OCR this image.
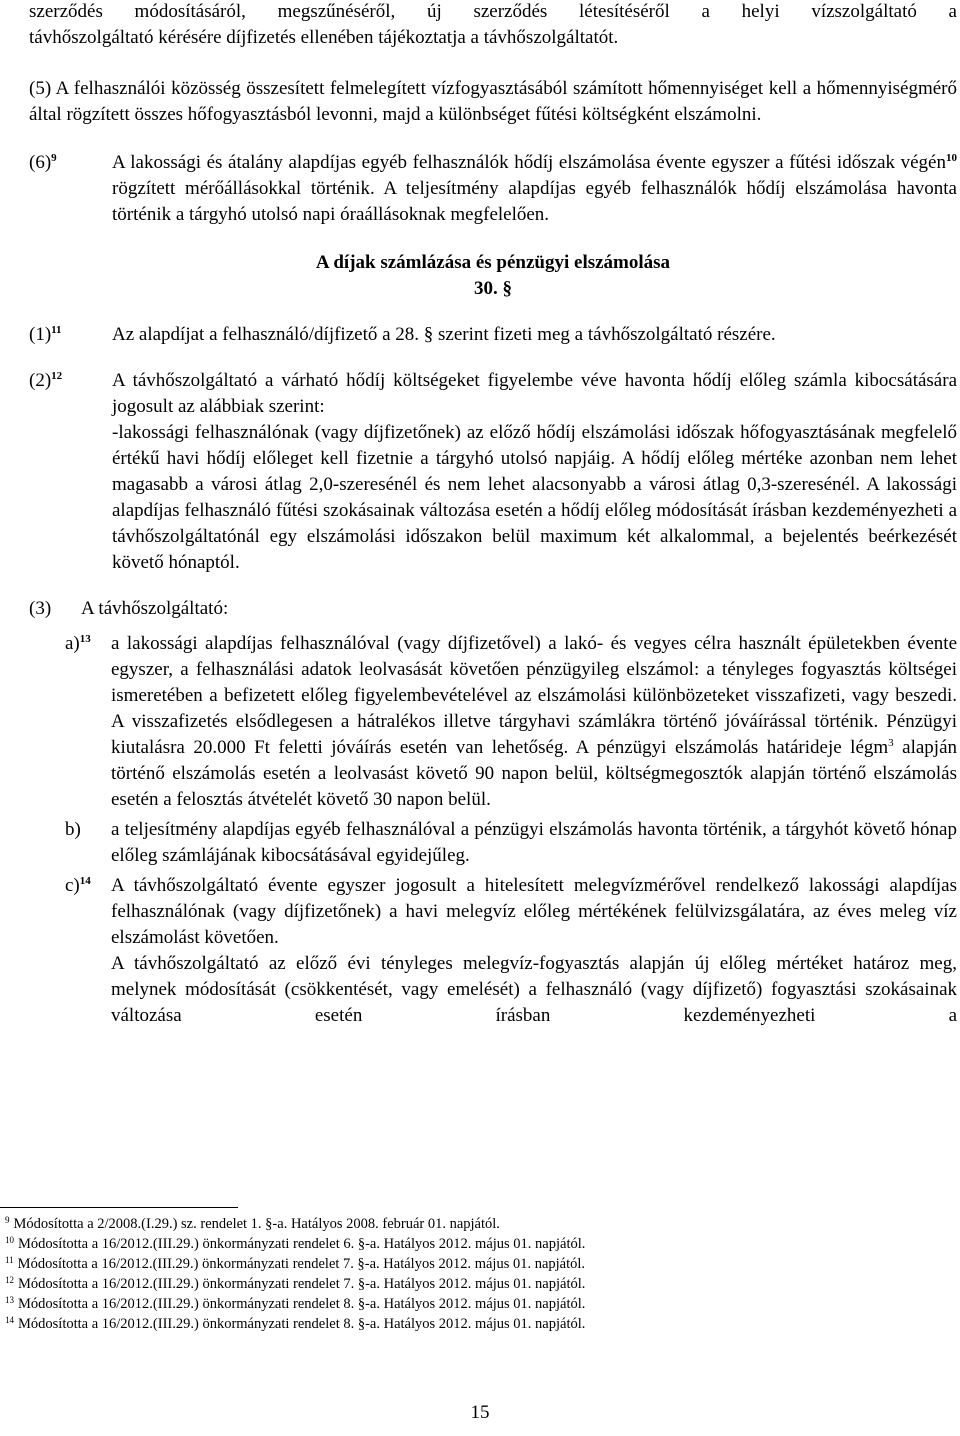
szerződés módosításáról, megszűnéséről, új szerződés létesítéséről a helyi vízszolgáltató a
távhőszolgáltató kérésére díjfizetés ellenében tájékoztatja a távhőszolgáltatót.
(5) A felhasználói közösség összesített felmelegített vízfogyasztásából számított hőmennyiséget kell a hőmennyiségmérő által rögzített összes hőfogyasztásból levonni, majd a különbséget fűtési költségként elszámolni.
$(6)^9$	A lakossági és átalány alapdíjas egyéb felhasználók hődíj elszámolása évente egyszer a fűtési időszak végén$^{10}$ rögzített mérőállásokkal történik. A teljesítmény alapdíjas egyéb felhasználók hődíj elszámolása havonta történik a tárgyhó utolsó napi óraállásoknak megfelelően.
A díjak számlázása és pénzügyi elszámolása
30. §
$(1)^{11}$	Az alapdíjat a felhasználó/díjfizető a 28. § szerint fizeti meg a távhőszolgáltató részére.
$(2)^{12}$	A távhőszolgáltató a várható hődíj költségeket figyelembe véve havonta hődíj előleg számla kibocsátására jogosult az alábbiak szerint:
-lakossági felhasználónak (vagy díjfizetőnek) az előző hődíj elszámolási időszak hőfogyasztásának megfelelő értékű havi hődíj előleget kell fizetnie a tárgyhó utolsó napjáig. A hődíj előleg mértéke azonban nem lehet magasabb a városi átlag 2,0-szeresénél és nem lehet alacsonyabb a városi átlag 0,3-szeresénél. A lakossági alapdíjas felhasználó fűtési szokásainak változása esetén a hődíj előleg módosítását írásban kezdeményezheti a távhőszolgáltatónál egy elszámolási időszakon belül maximum két alkalommal, a bejelentés beérkezését követő hónaptól.
(3) A távhőszolgáltató:
a)$^{13}$ a lakossági alapdíjas felhasználóval (vagy díjfizetővel) a lakó- és vegyes célra használt épületekben évente egyszer, a felhasználási adatok leolvasását követően pénzügyileg elszámol: a tényleges fogyasztás költségei ismeretében a befizetett előleg figyelembevételével az elszámolási különbözeteket visszafizeti, vagy beszedi. A visszafizetés elsődlegesen a hátralékos illetve tárgyhavi számlákra történő jóváírással történik. Pénzügyi kiutalásra 20.000 Ft feletti jóváírás esetén van lehetőség. A pénzügyi elszámolás határideje légm$^3$ alapján történő elszámolás esetén a leolvasást követő 90 napon belül, költségmegosztók alapján történő elszámolás esetén a felosztás átvételét követő 30 napon belül.
b) a teljesítmény alapdíjas egyéb felhasználóval a pénzügyi elszámolás havonta történik, a tárgyhót követő hónap előleg számlájának kibocsátásával egyidejűleg.
c)$^{14}$ A távhőszolgáltató évente egyszer jogosult a hitelesített melegvízmérővel rendelkező lakossági alapdíjas felhasználónak (vagy díjfizetőnek) a havi melegvíz előleg mértékének felülvizsgálatára, az éves meleg víz elszámolást követően.
A távhőszolgáltató az előző évi tényleges melegvíz-fogyasztás alapján új előleg mértéket határoz meg, melynek módosítását (csökkentését, vagy emelését) a felhasználó (vagy díjfizető) fogyasztási szokásainak változása esetén írásban kezdeményezheti a
$^9$ Módosította a 2/2008.(I.29.) sz. rendelet 1. §-a. Hatályos 2008. február 01. napjától.
$^{10}$ Módosította a 16/2012.(III.29.) önkormányzati rendelet 6. §-a. Hatályos 2012. május 01. napjától.
$^{11}$ Módosította a 16/2012.(III.29.) önkormányzati rendelet 7. §-a. Hatályos 2012. május 01. napjától.
$^{12}$ Módosította a 16/2012.(III.29.) önkormányzati rendelet 7. §-a. Hatályos 2012. május 01. napjától.
$^{13}$ Módosította a 16/2012.(III.29.) önkormányzati rendelet 8. §-a. Hatályos 2012. május 01. napjától.
$^{14}$ Módosította a 16/2012.(III.29.) önkormányzati rendelet 8. §-a. Hatályos 2012. május 01. napjától.
15
